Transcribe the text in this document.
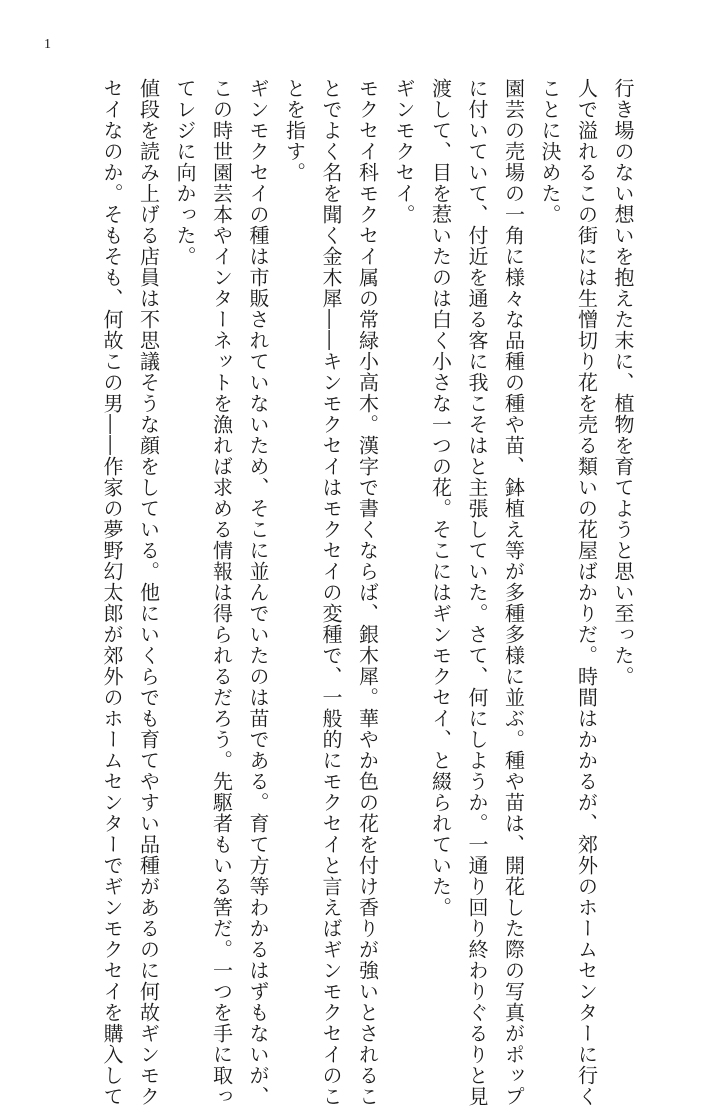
1
行き場のない想いを抱えた末に、植物を育てようと思い至った。
人で溢れるこの街には生憎切り花を売る類いの花屋ばかりだ。時間はかかるが、郊外のホームセンターに行く
ことに決めた。
園芸の売場の一角に様々な品種の種や苗、鉢植え等が多種多様に並ぶ。種や苗は、開花した際の写真がポップ
に付いていて、付近を通る客に我こそはと主張していた。さて、何にしようか。一通り回り終わりぐるりと見
渡して、目を惹いたのは白く小さな一つの花。そこにはギンモクセイ、と綴られていた。
ギンモクセイ。
モクセイ科モクセイ属の常緑小高木。漢字で書くならば、銀木犀。華やか色の花を付け香りが強いとされるこ
とでよく名を聞く金木犀――キンモクセイはモクセイの変種で、一般的にモクセイと言えばギンモクセイのこ
とを指す。
ギンモクセイの種は市販されていないため、そこに並んでいたのは苗である。育て方等わかるはずもないが、
この時世園芸本やインターネットを漁れば求める情報は得られるだろう。先駆者もいる筈だ。一つを手に取っ
てレジに向かった。
値段を読み上げる店員は不思議そうな顔をしている。他にいくらでも育てやすい品種があるのに何故ギンモク
セイなのか。そもそも、何故この男――作家の夢野幻太郎が郊外のホームセンターでギンモクセイを購入して
